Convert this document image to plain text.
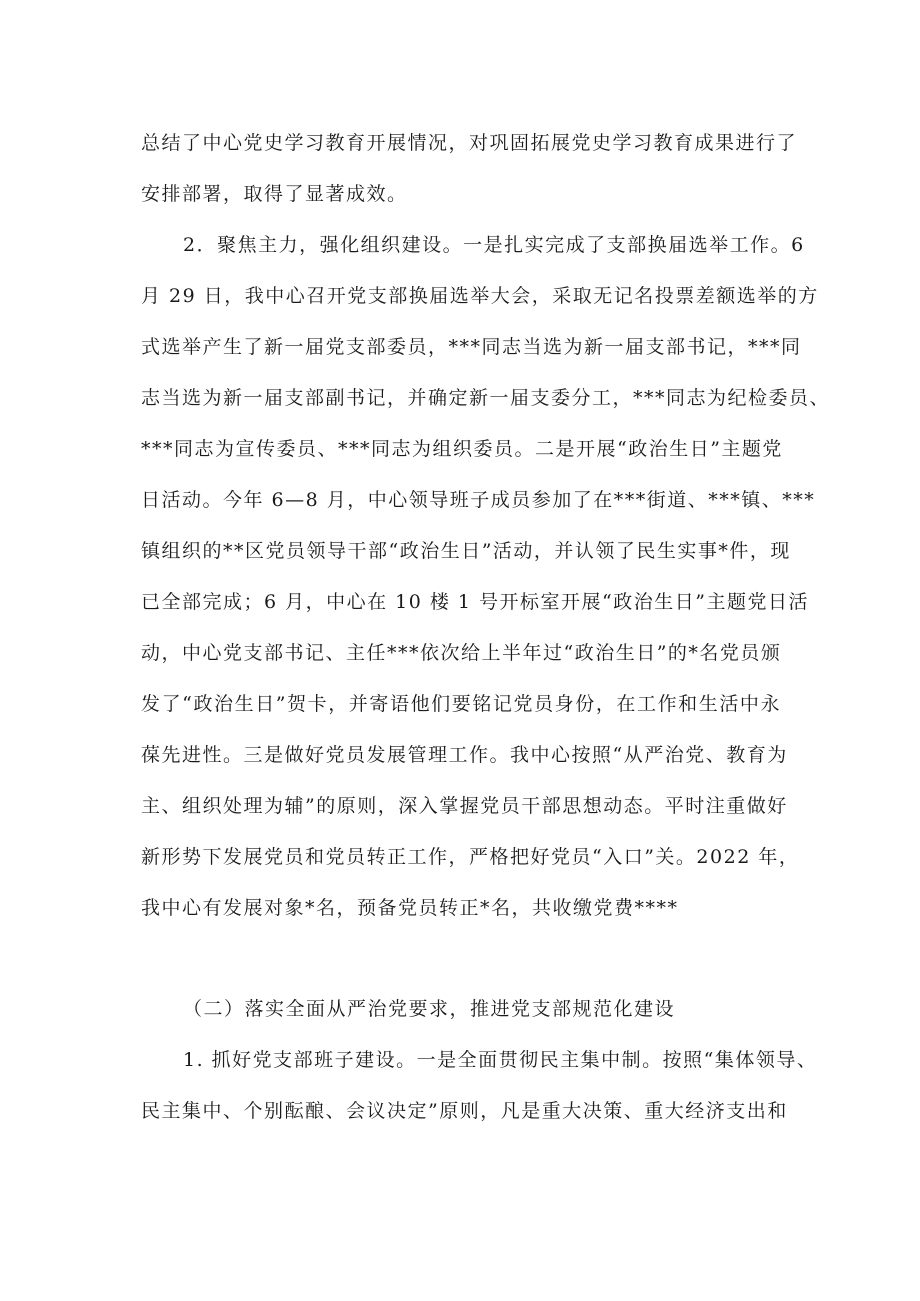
总结了中心党史学习教育开展情况，对巩固拓展党史学习教育成果进行了
安排部署，取得了显著成效。
2．聚焦主力，强化组织建设。一是扎实完成了支部换届选举工作。6
月 29 日，我中心召开党支部换届选举大会，采取无记名投票差额选举的方
式选举产生了新一届党支部委员，***同志当选为新一届支部书记，***同
志当选为新一届支部副书记，并确定新一届支委分工，***同志为纪检委员、
***同志为宣传委员、***同志为组织委员。二是开展“政治生日”主题党
日活动。今年 6—8 月，中心领导班子成员参加了在***街道、***镇、***
镇组织的**区党员领导干部“政治生日”活动，并认领了民生实事*件，现
已全部完成；6 月，中心在 10 楼 1 号开标室开展“政治生日”主题党日活
动，中心党支部书记、主任***依次给上半年过“政治生日”的*名党员颁
发了“政治生日”贺卡，并寄语他们要铭记党员身份，在工作和生活中永
葆先进性。三是做好党员发展管理工作。我中心按照“从严治党、教育为
主、组织处理为辅”的原则，深入掌握党员干部思想动态。平时注重做好
新形势下发展党员和党员转正工作，严格把好党员“入口”关。2022 年，
我中心有发展对象*名，预备党员转正*名，共收缴党费****
（二）落实全面从严治党要求，推进党支部规范化建设
1. 抓好党支部班子建设。一是全面贯彻民主集中制。按照“集体领导、
民主集中、个别酝酿、会议决定”原则，凡是重大决策、重大经济支出和
